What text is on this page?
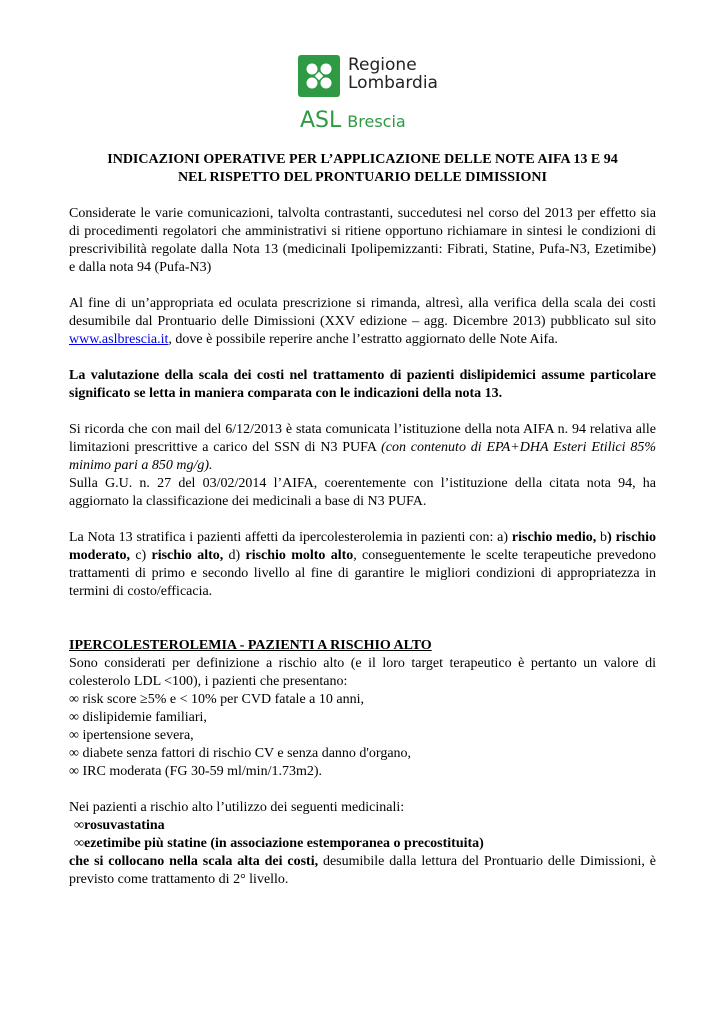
Regione
Lombardia
ASL Brescia

INDICAZIONI OPERATIVE PER L’APPLICAZIONE DELLE NOTE AIFA 13 E 94

NEL RISPETTO DEL PRONTUARIO DELLE DIMISSIONI

Considerate le varie comunicazioni, talvolta contrastanti, succedutesi nel corso del 2013 per effetto sia di procedimenti regolatori che amministrativi si ritiene opportuno richiamare in sintesi le condizioni di prescrivibilità regolate dalla Nota 13 (medicinali Ipolipemizzanti: Fibrati, Statine, Pufa-N3, Ezetimibe) e dalla nota 94 (Pufa-N3)

Al fine di un’appropriata ed oculata prescrizione si rimanda, altresì, alla verifica della scala dei costi desumibile dal Prontuario delle Dimissioni (XXV edizione – agg. Dicembre 2013) pubblicato sul sito www.aslbrescia.it, dove è possibile reperire anche l’estratto aggiornato delle Note Aifa.

La valutazione della scala dei costi nel trattamento di pazienti dislipidemici assume particolare significato se letta in maniera comparata con le indicazioni della nota 13.

Si ricorda che con mail del 6/12/2013 è stata comunicata l’istituzione della nota AIFA n. 94 relativa alle limitazioni prescrittive a carico del SSN di N3 PUFA (con contenuto di EPA+DHA Esteri Etilici 85% minimo pari a 850 mg/g).

Sulla G.U. n. 27 del 03/02/2014 l’AIFA, coerentemente con l’istituzione della citata nota 94, ha aggiornato la classificazione dei medicinali a base di N3 PUFA.

La Nota 13 stratifica i pazienti affetti da ipercolesterolemia in pazienti con: a) rischio medio, b) rischio moderato, c) rischio alto, d) rischio molto alto, conseguentemente le scelte terapeutiche prevedono trattamenti di primo e secondo livello al fine di garantire le migliori condizioni di appropriatezza in termini di costo/efficacia.

IPERCOLESTEROLEMIA - PAZIENTI A RISCHIO ALTO

Sono considerati per definizione a rischio alto (e il loro target terapeutico è pertanto un valore di colesterolo LDL <100), i pazienti che presentano:

∞ risk score ≥5% e < 10% per CVD fatale a 10 anni,

∞ dislipidemie familiari,

∞ ipertensione severa,

∞ diabete senza fattori di rischio CV e senza danno d'organo,

∞ IRC moderata (FG 30-59 ml/min/1.73m2).

Nei pazienti a rischio alto l’utilizzo dei seguenti medicinali:

∞rosuvastatina

∞ezetimibe più statine (in associazione estemporanea o precostituita)

che si collocano nella scala alta dei costi, desumibile dalla lettura del Prontuario delle Dimissioni, è previsto come trattamento di 2° livello.
